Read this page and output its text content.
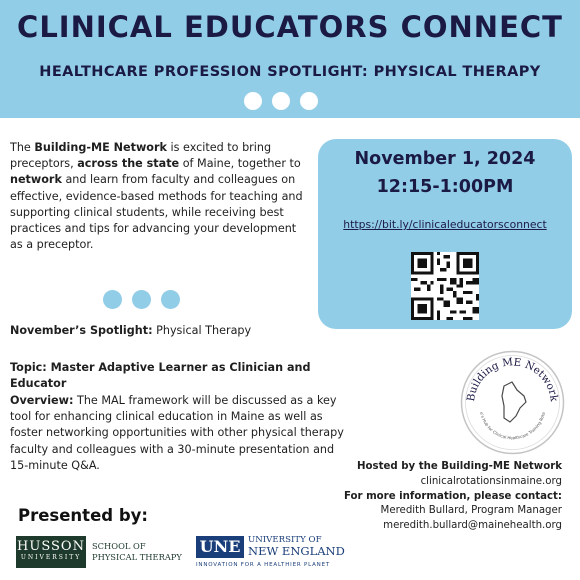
CLINICAL EDUCATORS CONNECT
HEALTHCARE PROFESSION SPOTLIGHT: PHYSICAL THERAPY

The Building-ME Network is excited to bring preceptors, across the state of Maine, together to network and learn from faculty and colleagues on effective, evidence-based methods for teaching and supporting clinical students, while receiving best practices and tips for advancing your development as a preceptor.

November 1, 2024
12:15-1:00PM
https://bit.ly/clinicaleducatorsconnect

November’s Spotlight: Physical Therapy

Topic: Master Adaptive Learner as Clinician and Educator

Overview: The MAL framework will be discussed as a key tool for enhancing clinical education in Maine as well as foster networking opportunities with other physical therapy faculty and colleagues with a 30-minute presentation and 15-minute Q&A.

Building ME Network
e’s Hub for Clinical Healthcare Training Rota
Hosted by the Building-ME Network
clinicalrotationsinmaine.org
For more information, please contact:
Meredith Bullard, Program Manager
meredith.bullard@mainehealth.org
Presented by:
HUSSON
UNIVERSITY
SCHOOL OF
PHYSICAL THERAPY
UNE UNIVERSITY OF
NEW ENGLAND
INNOVATION FOR A HEALTHIER PLANET
